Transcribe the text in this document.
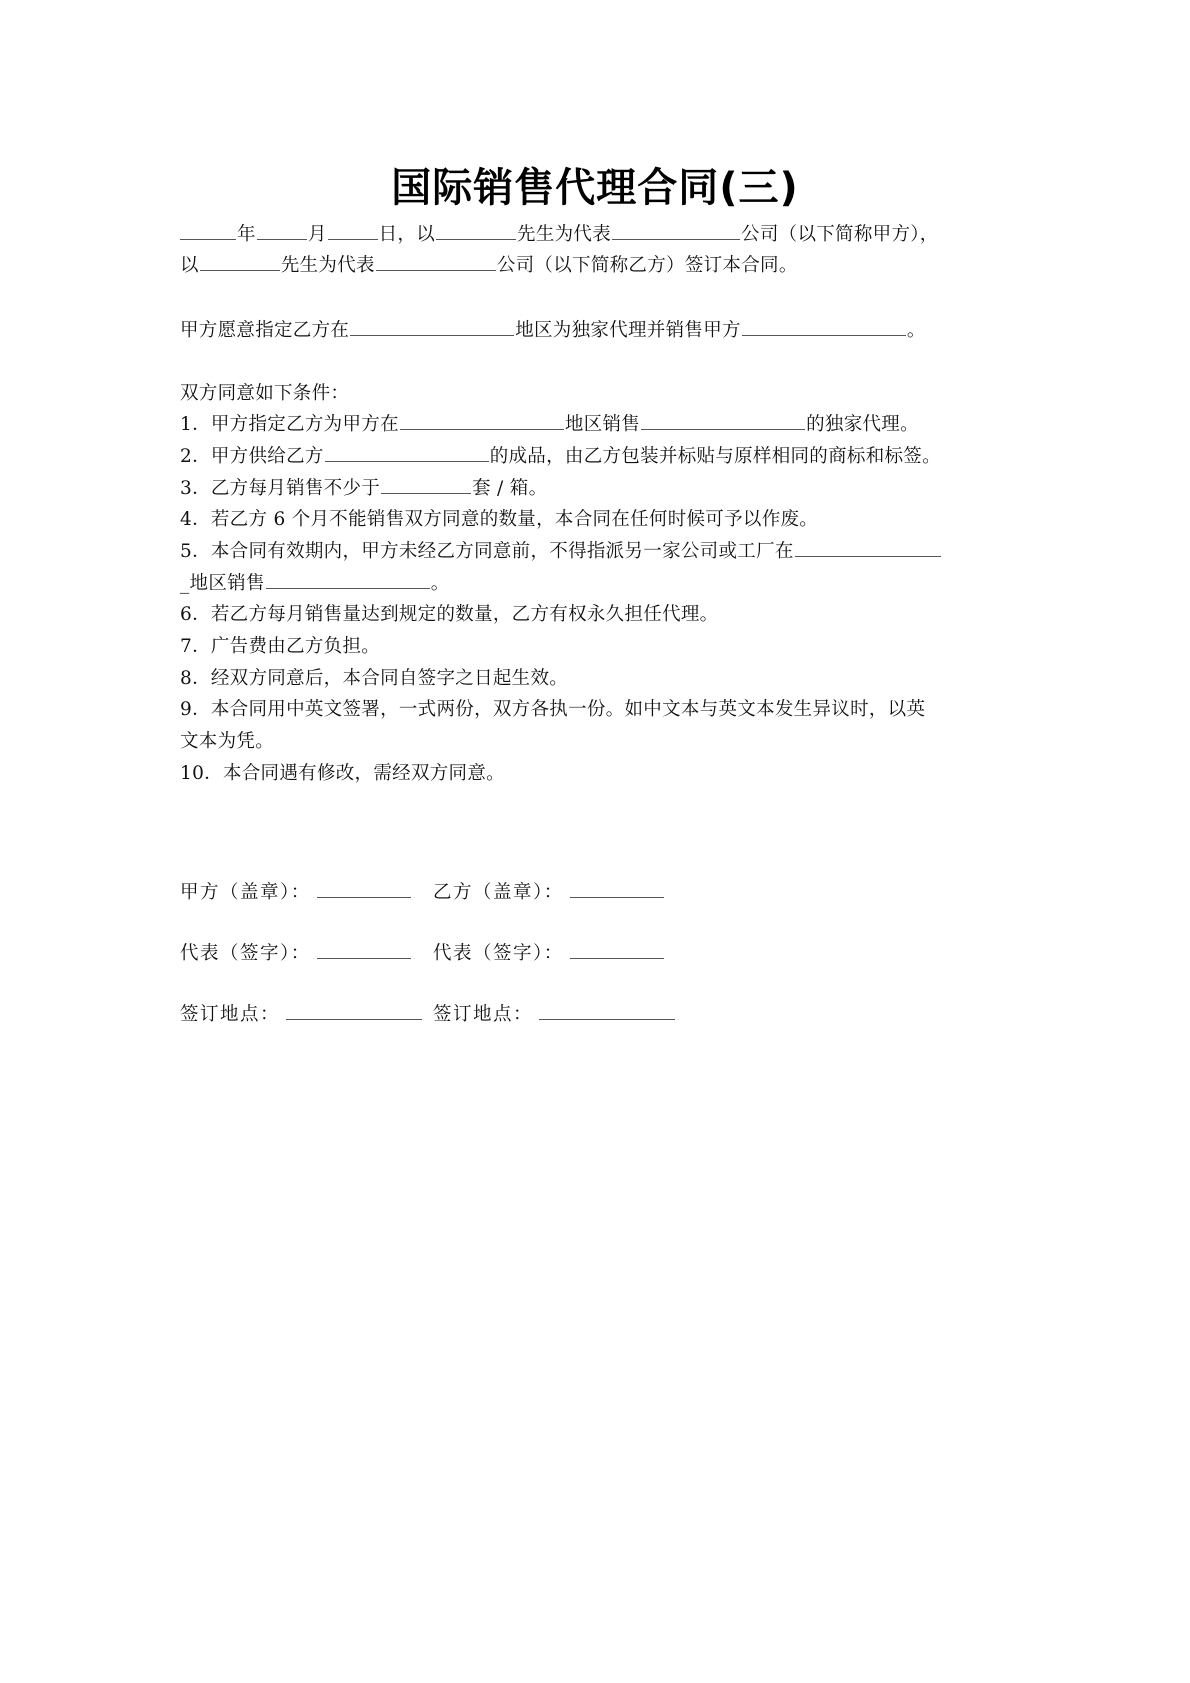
国际销售代理合同(三)
年	月	日，以	先生为代表	公司（以下简称甲方），
以	先生为代表	公司（以下简称乙方）签订本合同。
甲方愿意指定乙方在	地区为独家代理并销售甲方	。
双方同意如下条件：
1．甲方指定乙方为甲方在	地区销售	的独家代理。
2．甲方供给乙方	的成品，由乙方包装并标贴与原样相同的商标和标签。
3．乙方每月销售不少于	套 / 箱。
4．若乙方 6 个月不能销售双方同意的数量，本合同在任何时候可予以作废。
5．本合同有效期内，甲方未经乙方同意前，不得指派另一家公司或工厂在
_地区销售	。
6．若乙方每月销售量达到规定的数量，乙方有权永久担任代理。
7．广告费由乙方负担。
8．经双方同意后，本合同自签字之日起生效。
9．本合同用中英文签署，一式两份，双方各执一份。如中文本与英文本发生异议时，以英
文本为凭。
10．本合同遇有修改，需经双方同意。
甲方（盖章）：	乙方（盖章）：
代表（签字）：	代表（签字）：
签订地点：	签订地点：
